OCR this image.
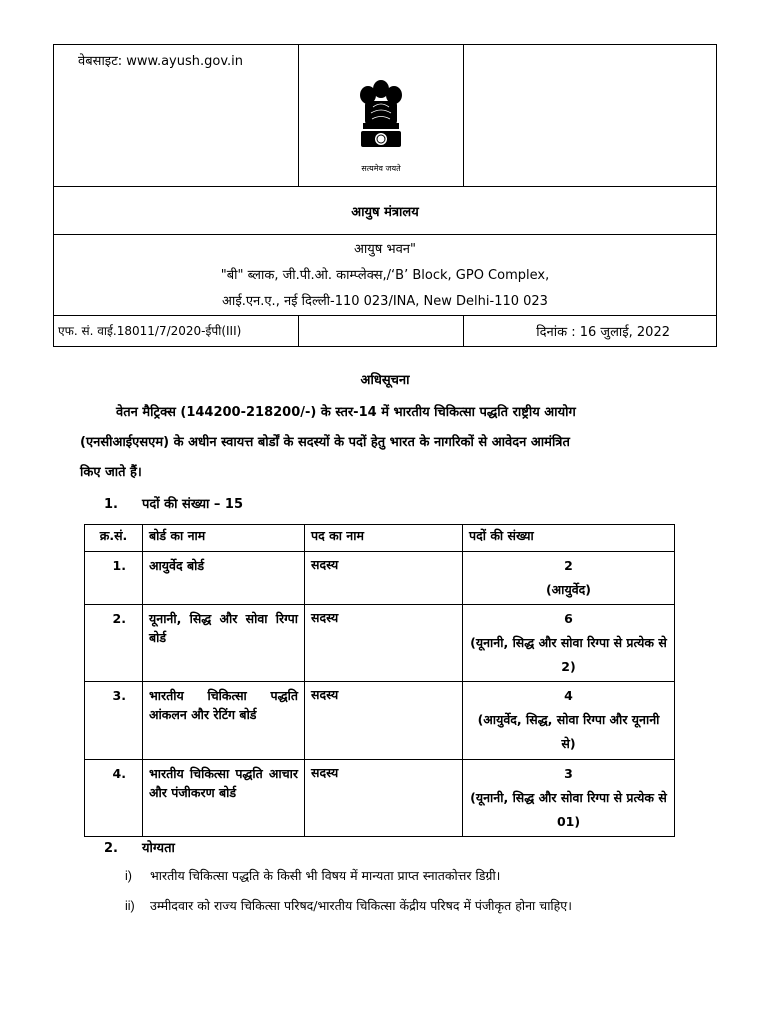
वेबसाइट: www.ayush.gov.in	सत्यमेव जयते	

आयुष मंत्रालय		

आयुष भवन"
"बी" ब्लाक, जी.पी.ओ. काम्प्लेक्स,/‘B’ Block, GPO Complex,
आई.एन.ए., नई दिल्ली-110 023/INA, New Delhi-110 023		

एफ. सं. वाई.18011/7/2020-ईपी(III)		दिनांक : 16 जुलाई, 2022
अधिसूचना
वेतन मैट्रिक्स (144200-218200/-) के स्तर-14 में भारतीय चिकित्सा पद्धति राष्ट्रीय आयोग
(एनसीआईएसएम) के अधीन स्वायत्त बोर्डों के सदस्यों के पदों हेतु भारत के नागरिकों से आवेदन आमंत्रित
किए जाते हैं।
1. पदों की संख्या – 15
क्र.सं.	बोर्ड का नाम	पद का नाम	पदों की संख्या
1.	आयुर्वेद बोर्ड	सदस्य	2
(आयुर्वेद)

2.	यूनानी, सिद्ध और सोवा रिग्पा बोर्ड	सदस्य	6
(यूनानी, सिद्ध और सोवा रिग्पा से प्रत्येक से 2)

3.	भारतीय चिकित्सा पद्धति आंकलन और रेटिंग बोर्ड	सदस्य	4
(आयुर्वेद, सिद्ध, सोवा रिग्पा और यूनानी से)

4.	भारतीय चिकित्सा पद्धति आचार और पंजीकरण बोर्ड	सदस्य	3
(यूनानी, सिद्ध और सोवा रिग्पा से प्रत्येक से 01)
2. योग्यता
i)	भारतीय चिकित्सा पद्धति के किसी भी विषय में मान्यता प्राप्त स्नातकोत्तर डिग्री।
ii)	उम्मीदवार को राज्य चिकित्सा परिषद/भारतीय चिकित्सा केंद्रीय परिषद में पंजीकृत होना चाहिए।
